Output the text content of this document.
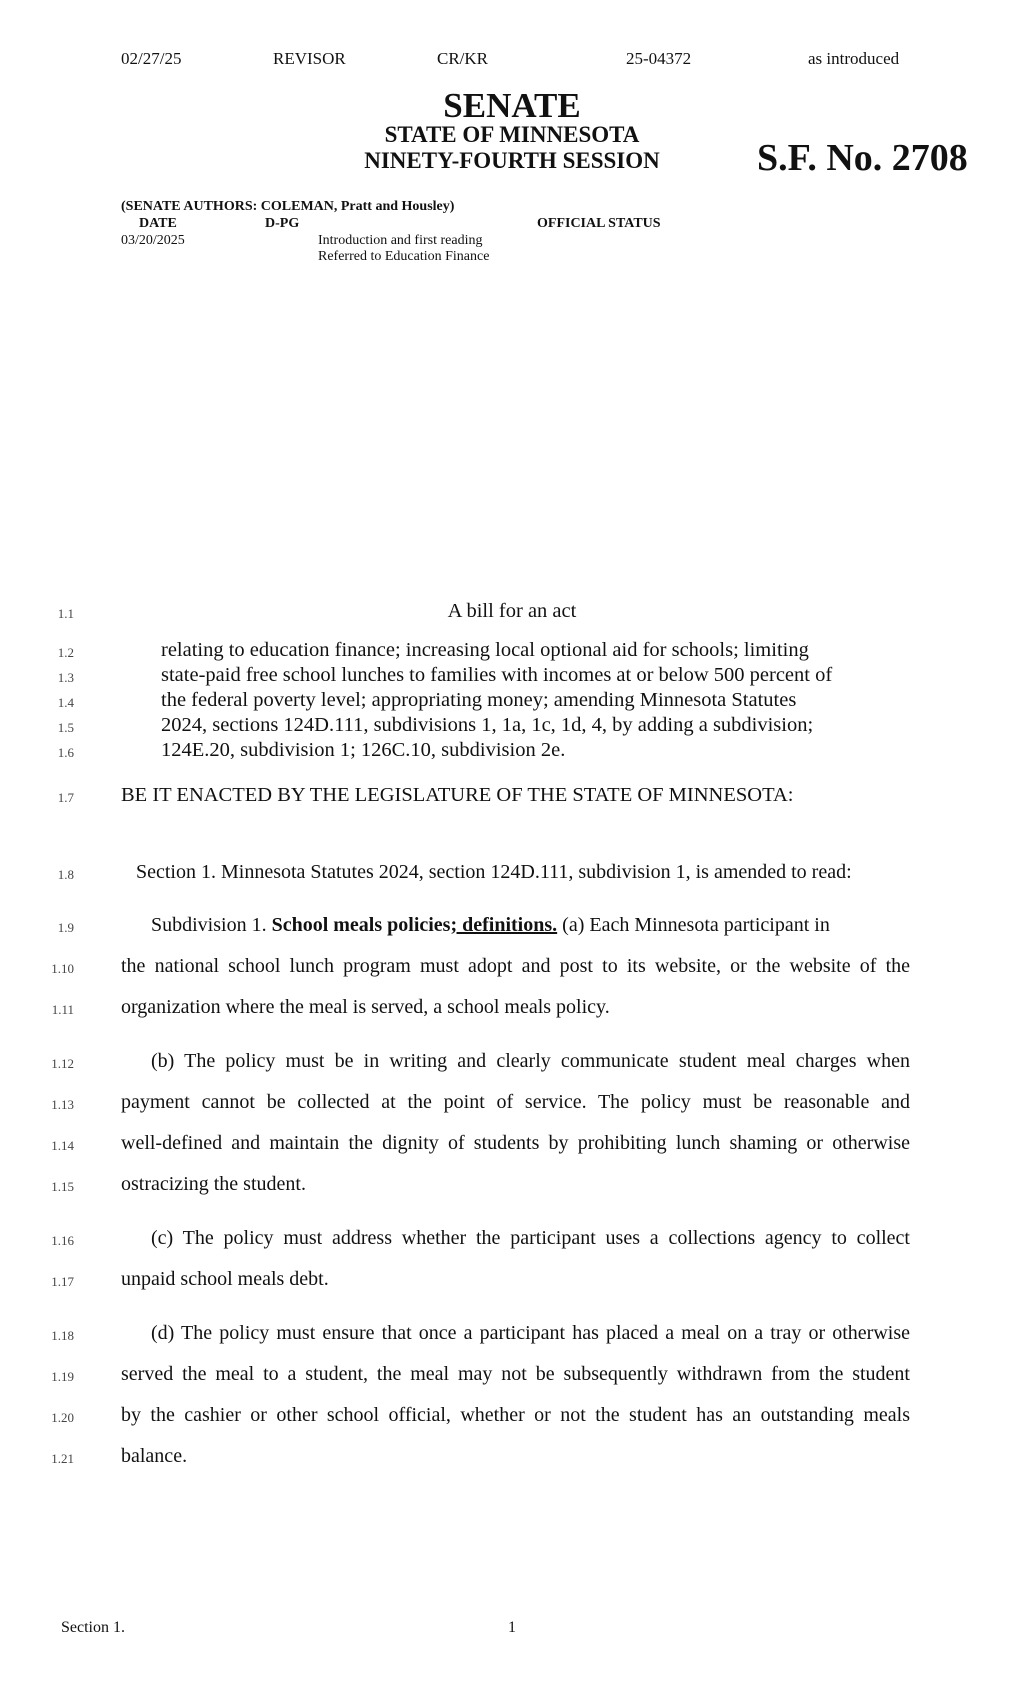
02/27/25	REVISOR	CR/KR	25-04372	as introduced
SENATE
STATE OF MINNESOTA
NINETY-FOURTH SESSION	S.F. No. 2708
(SENATE AUTHORS: COLEMAN, Pratt and Housley)
DATE	D-PG	OFFICIAL STATUS
03/20/2025	Introduction and first reading
Referred to Education Finance
1.1	A bill for an act
1.2	relating to education finance; increasing local optional aid for schools; limiting
1.3	state-paid free school lunches to families with incomes at or below 500 percent of
1.4	the federal poverty level; appropriating money; amending Minnesota Statutes
1.5	2024, sections 124D.111, subdivisions 1, 1a, 1c, 1d, 4, by adding a subdivision;
1.6	124E.20, subdivision 1; 126C.10, subdivision 2e.
1.7 BE IT ENACTED BY THE LEGISLATURE OF THE STATE OF MINNESOTA:
1.8	Section 1. Minnesota Statutes 2024, section 124D.111, subdivision 1, is amended to read:
1.9	Subdivision 1. School meals policies; definitions. (a) Each Minnesota participant in
1.10 the national school lunch program must adopt and post to its website, or the website of the
1.11 organization where the meal is served, a school meals policy.
1.12	(b) The policy must be in writing and clearly communicate student meal charges when
1.13 payment cannot be collected at the point of service. The policy must be reasonable and
1.14 well-defined and maintain the dignity of students by prohibiting lunch shaming or otherwise
1.15 ostracizing the student.
1.16	(c) The policy must address whether the participant uses a collections agency to collect
1.17 unpaid school meals debt.
1.18	(d) The policy must ensure that once a participant has placed a meal on a tray or otherwise
1.19 served the meal to a student, the meal may not be subsequently withdrawn from the student
1.20 by the cashier or other school official, whether or not the student has an outstanding meals
1.21 balance.
Section 1.	1
